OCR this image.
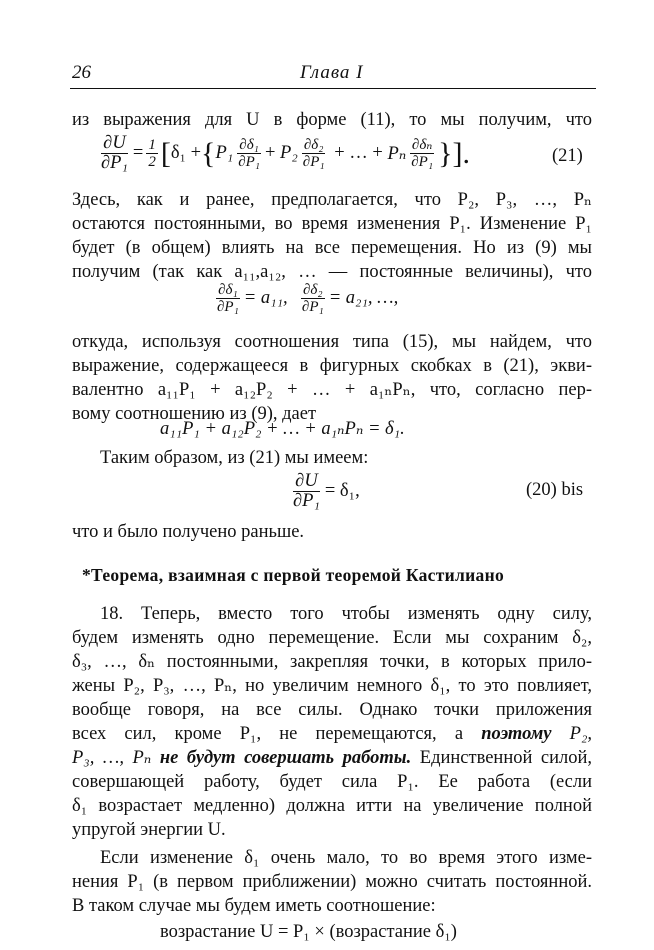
26	Глава I
из выражения для U в форме (11), то мы получим, что
$\frac{\partial U}{\text{∂P₁}} = \frac{1}{2}$ [ δ₁
+ { $P_1 \frac{\text{∂δ₁}}{\text{∂P₁}}$ +
$P_2 \frac{\text{∂δ₂}}{\text{∂P₁}}$
+ … +
Pₙ $\frac{\text{∂δₙ}}{\text{∂P₁}}$ }].	(21)
Здесь, как и ранее, предполагается, что P₂, P₃, …, Pₙ
остаются постоянными, во время изменения P₁. Изменение P₁
будет (в общем) влиять на все перемещения. Но из (9) мы
получим (так как a₁₁,a₁₂, … — постоянные величины), что
$\frac{\text{∂δ₁}}{\text{∂P₁}} = a_{11}$,
$\frac{\text{∂δ₂}}{\text{∂P₁}} = a_{21}$, …,
откуда, используя соотношения типа (15), мы найдем, что
выражение, содержащееся в фигурных скобках в (21), экви-
валентно a₁₁P₁ + a₁₂P₂ + … + a₁ₙPₙ, что, согласно пер-
вому соотношению из (9), дает
a₁₁P₁ + a₁₂P₂ + … + a₁ₙPₙ = δ₁.
Таким образом, из (21) мы имеем:
$\frac{\partial U}{\text{∂P₁}} = \delta_1$,	(20) bis
что и было получено раньше.
*Теорема, взаимная с первой теоремой Кастилиано
18. Теперь, вместо того чтобы изменять одну силу,
будем изменять одно перемещение. Если мы сохраним δ₂,
δ₃, …, δₙ постоянными, закрепляя точки, в которых прило-
жены P₂, P₃, …, Pₙ, но увеличим немного δ₁, то это повлияет,
вообще говоря, на все силы. Однако точки приложения
всех сил, кроме P₁, не перемещаются, а поэтому P₂,
P₃, …, Pₙ не будут совершать работы. Единственной силой,
совершающей работу, будет сила P₁. Ее работа (если
δ₁ возрастает медленно) должна итти на увеличение полной
упругой энергии U.
Если изменение δ₁ очень мало, то во время этого изме-
нения P₁ (в первом приближении) можно считать постоянной.
В таком случае мы будем иметь соотношение:
возрастание U = P₁ × (возрастание δ₁)
